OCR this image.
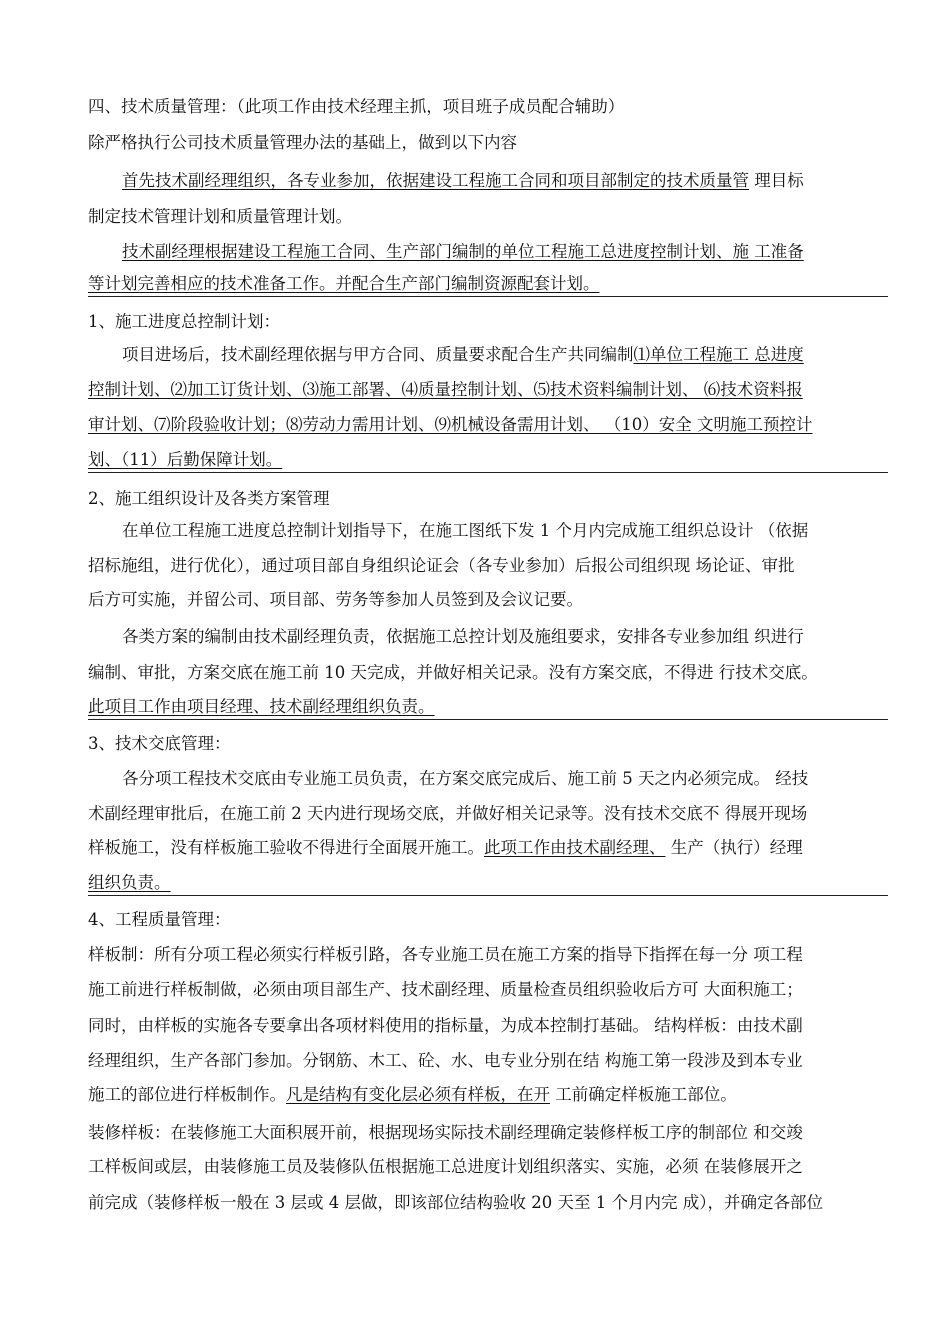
四、技术质量管理：（此项工作由技术经理主抓，项目班子成员配合辅助）
除严格执行公司技术质量管理办法的基础上，做到以下内容
首先技术副经理组织，各专业参加，依据建设工程施工合同和项目部制定的技术质量管 理目标
制定技术管理计划和质量管理计划。
技术副经理根据建设工程施工合同、生产部门编制的单位工程施工总进度控制计划、施 工准备
等计划完善相应的技术准备工作。并配合生产部门编制资源配套计划。
1、施工进度总控制计划：
项目进场后，技术副经理依据与甲方合同、质量要求配合生产共同编制⑴单位工程施工 总进度
控制计划、⑵加工订货计划、⑶施工部署、⑷质量控制计划、⑸技术资料编制计划、 ⑹技术资料报
审计划、⑺阶段验收计划；⑻劳动力需用计划、⑼机械设备需用计划、 （10）安全 文明施工预控计
划、（11）后勤保障计划。
2、施工组织设计及各类方案管理
在单位工程施工进度总控制计划指导下，在施工图纸下发 1 个月内完成施工组织总设计 （依据
招标施组，进行优化），通过项目部自身组织论证会（各专业参加）后报公司组织现 场论证、审批
后方可实施，并留公司、项目部、劳务等参加人员签到及会议记要。
各类方案的编制由技术副经理负责，依据施工总控计划及施组要求，安排各专业参加组 织进行
编制、审批，方案交底在施工前 10 天完成，并做好相关记录。没有方案交底，不得进 行技术交底。
此项目工作由项目经理、技术副经理组织负责。
3、技术交底管理：
各分项工程技术交底由专业施工员负责，在方案交底完成后、施工前 5 天之内必须完成。 经技
术副经理审批后，在施工前 2 天内进行现场交底，并做好相关记录等。没有技术交底不 得展开现场
样板施工，没有样板施工验收不得进行全面展开施工。此项工作由技术副经理、 生产（执行）经理
组织负责。
4、工程质量管理：
样板制：所有分项工程必须实行样板引路，各专业施工员在施工方案的指导下指挥在每一分 项工程
施工前进行样板制做，必须由项目部生产、技术副经理、质量检查员组织验收后方可 大面积施工；
同时，由样板的实施各专要拿出各项材料使用的指标量，为成本控制打基础。 结构样板：由技术副
经理组织，生产各部门参加。分钢筋、木工、砼、水、电专业分别在结 构施工第一段涉及到本专业
施工的部位进行样板制作。凡是结构有变化层必须有样板，在开 工前确定样板施工部位。
装修样板：在装修施工大面积展开前，根据现场实际技术副经理确定装修样板工序的制部位 和交竣
工样板间或层，由装修施工员及装修队伍根据施工总进度计划组织落实、实施，必须 在装修展开之
前完成（装修样板一般在 3 层或 4 层做，即该部位结构验收 20 天至 1 个月内完 成），并确定各部位
